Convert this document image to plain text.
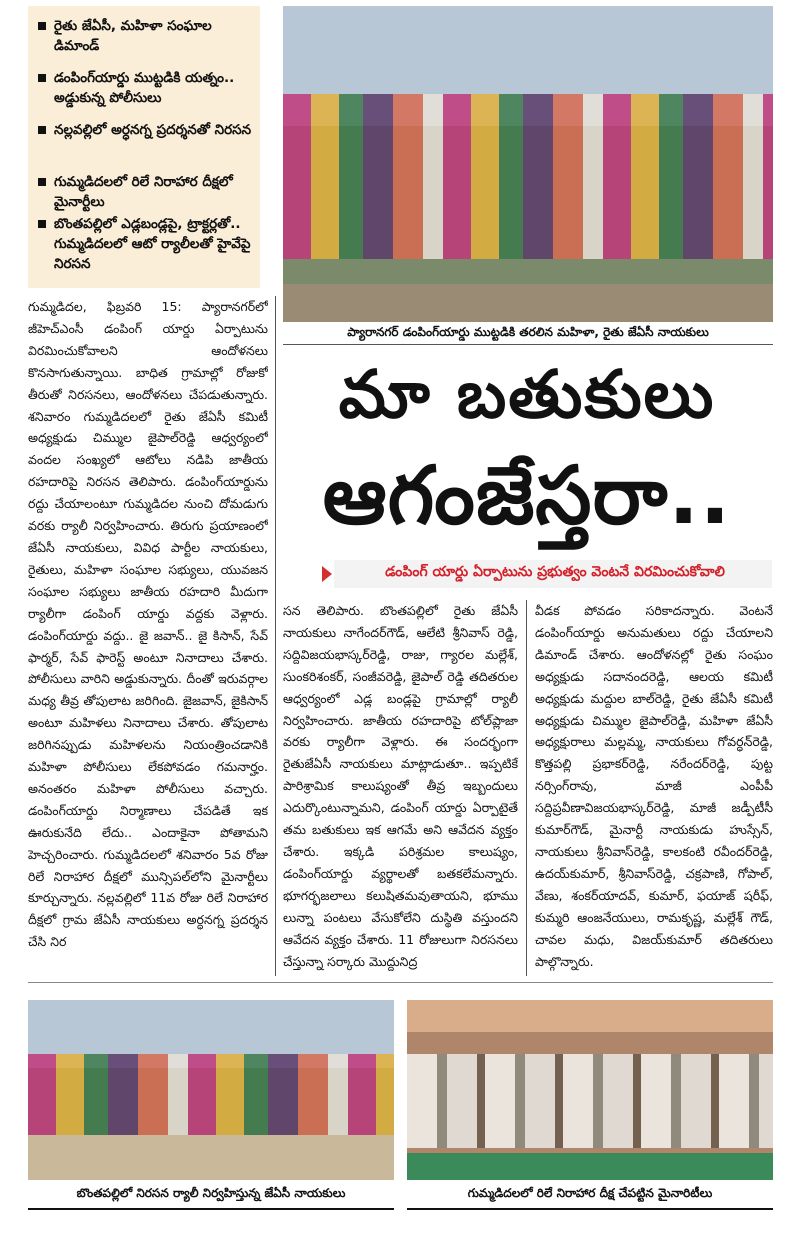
రైతు జేఏసీ, మహిళా సంఘాల డిమాండ్
డంపింగ్‌యార్డు ముట్టడికి యత్నం.. అడ్డుకున్న పోలీసులు
నల్లవల్లిలో అర్ధనగ్న ప్రదర్శనతో నిరసన
గుమ్మడిదలలో రిలే నిరాహార దీక్షలో మైనార్టీలు
బొంతపల్లిలో ఎడ్లబండ్లపై, ట్రాక్టర్లతో.. గుమ్మడిదలలో ఆటో ర్యాలీలతో హైవేపై నిరసన
ప్యారానగర్‌ డంపింగ్‌యార్డు ముట్టడికి తరలిన మహిళా, రైతు జేఏసీ నాయకులు
మా బతుకులు
ఆగంజేస్తరా..
డంపింగ్‌ యార్డు ఏర్పాటును ప్రభుత్వం వెంటనే విరమించుకోవాలి

గుమ్మడిదల, ఫిబ్రవరి 15: ప్యారానగర్‌లో జీహెచ్‌ఎంసీ డంపింగ్‌ యార్డు ఏర్పాటును విరమించుకోవాలని ఆందోళనలు కొనసాగుతున్నాయి. బాధిత గ్రామాల్లో రోజుకో తీరుతో నిరసనలు, ఆందోళనలు చేపడుతున్నారు. శనివారం గుమ్మడిదలలో రైతు జేఏసీ కమిటీ అధ్యక్షుడు చిమ్ముల జైపాల్‌రెడ్డి ఆధ్వర్యంలో వందల సంఖ్యలో ఆటోలు నడిపి జాతీయ రహదారిపై నిరసన తెలిపారు. డంపింగ్‌యార్డును రద్దు చేయాలంటూ గుమ్మడిదల నుంచి దోమడుగు వరకు ర్యాలీ నిర్వహించారు. తిరుగు ప్రయాణంలో జేఏసీ నాయకులు, వివిధ పార్టీల నాయకులు, రైతులు, మహిళా సంఘాల సభ్యులు, యువజన సంఘాల సభ్యులు జాతీయ రహదారి మీదుగా ర్యాలీగా డంపింగ్‌ యార్డు వద్దకు వెళ్లారు. డంపింగ్‌యార్డు వద్దు.. జై జవాన్‌.. జై కిసాన్‌, సేవ్‌ ఫార్మర్‌, సేవ్‌ ఫారెస్ట్‌ అంటూ నినాదాలు చేశారు. పోలీసులు వారిని అడ్డుకున్నారు. దీంతో ఇరువర్గాల మధ్య తీవ్ర తోపులాట జరిగింది. జైజవాన్‌, జైకిసాన్‌ అంటూ మహిళలు నినాదాలు చేశారు. తోపులాట జరిగినప్పుడు మహిళలను నియంత్రించడానికి మహిళా పోలీసులు లేకపోవడం గమనార్హం. అనంతరం మహిళా పోలీసులు వచ్చారు. డంపింగ్‌యార్డు నిర్మాణాలు చేపడితే ఇక ఊరుకునేది లేదు.. ఎందాకైనా పోతామని హెచ్చరించారు. గుమ్మడిదలలో శనివారం 5వ రోజు రిలే నిరాహార దీక్షలో మున్సిపల్‌లోని మైనార్టీలు కూర్చున్నారు. నల్లవల్లిలో 11వ రోజు రిలే నిరాహార దీక్షలో గ్రామ జేఏసీ నాయకులు అర్ధనగ్న ప్రదర్శన చేసి నిర

సన తెలిపారు. బొంతపల్లిలో రైతు జేఏసీ నాయకులు నాగేందర్‌గౌడ్‌, ఆలేటి శ్రీనివాస్‌ రెడ్డి, సద్దివిజయభాస్కర్‌రెడ్డి, రాజు, గ్యారల మల్లేశ్‌, సుంకరిశంకర్‌, సంజీవరెడ్డి, జైపాల్‌ రెడ్డి తదితరుల ఆధ్వర్యంలో ఎడ్ల బండ్లపై గ్రామాల్లో ర్యాలీ నిర్వహించారు. జాతీయ రహదారిపై టోల్‌ప్లాజా వరకు ర్యాలీగా వెళ్లారు. ఈ సందర్భంగా రైతుజేఏసీ నాయకులు మాట్లాడుతూ.. ఇప్పటికే పారిశ్రామిక కాలుష్యంతో తీవ్ర ఇబ్బందులు ఎదుర్కొంటున్నామని, డంపింగ్‌ యార్డు ఏర్పాటైతే తమ బతుకులు ఇక ఆగమే అని ఆవేదన వ్యక్తం చేశారు. ఇక్కడి పరిశ్రమల కాలుష్యం, డంపింగ్‌యార్డు వ్యర్థాలతో బతకలేమన్నారు. భూగర్భజలాలు కలుషితమవుతాయని, భూము లున్నా పంటలు వేసుకోలేని దుస్థితి వస్తుందని ఆవేదన వ్యక్తం చేశారు. 11 రోజులుగా నిరసనలు చేస్తున్నా సర్కారు మొద్దునిద్ర

వీడక పోవడం సరికాదన్నారు. వెంటనే డంపింగ్‌యార్డు అనుమతులు రద్దు చేయాలని డిమాండ్‌ చేశారు. ఆందోళనల్లో రైతు సంఘం అధ్యక్షుడు సదానందరెడ్డి, ఆలయ కమిటీ అధ్యక్షుడు మద్దుల బాల్‌రెడ్డి, రైతు జేఏసీ కమిటీ అధ్యక్షుడు చిమ్ముల జైపాల్‌రెడ్డి, మహిళా జేఏసీ అధ్యక్షురాలు మల్లమ్మ, నాయకులు గోవర్ధన్‌రెడ్డి, కొత్తపల్లి ప్రభాకర్‌రెడ్డి, నరేందర్‌రెడ్డి, పుట్ట నర్సింగ్‌రావు, మాజీ ఎంపీపీ సద్దిప్రవీణావిజయభాస్కర్‌రెడ్డి, మాజీ జడ్పీటీసీ కుమార్‌గౌడ్‌, మైనార్టీ నాయకుడు హుస్సేన్‌, నాయకులు శ్రీనివాస్‌రెడ్డి, కాలకంటి రవీందర్‌రెడ్డి, ఉదయ్‌కుమార్‌, శ్రీనివాస్‌రెడ్డి, చక్రపాణి, గోపాల్‌, వేణు, శంకర్‌యాదవ్‌, కుమార్‌, ఫయాజ్‌ షరీఫ్‌, కుమ్మరి ఆంజనేయులు, రామకృష్ణ, మల్లేశ్‌ గౌడ్‌, చావల మధు, విజయ్‌కుమార్‌ తదితరులు పాల్గొన్నారు.

బొంతపల్లిలో నిరసన ర్యాలీ నిర్వహిస్తున్న జేఏసీ నాయకులు	గుమ్మడిదలలో రిలే నిరాహార దీక్ష చేపట్టిన మైనారిటీలు
